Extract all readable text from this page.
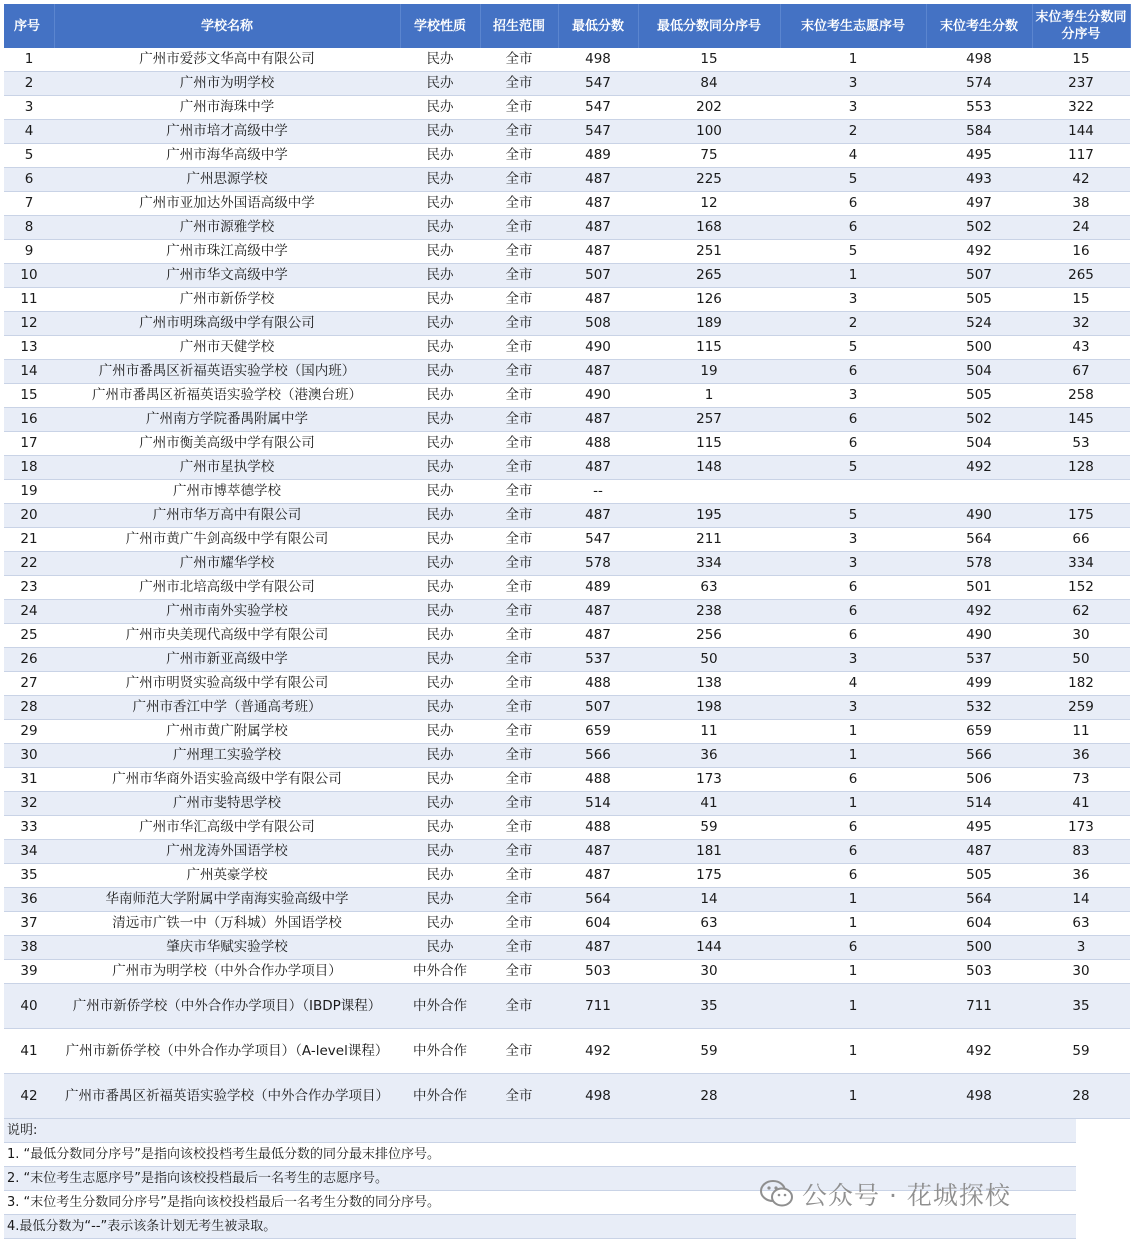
序号	学校名称	学校性质	招生范围	最低分数	最低分数同分序号	末位考生志愿序号	末位考生分数	末位考生分数同分序号
1	广州市爱莎文华高中有限公司	民办	全市	498	15	1	498	15
2	广州市为明学校	民办	全市	547	84	3	574	237
3	广州市海珠中学	民办	全市	547	202	3	553	322
4	广州市培才高级中学	民办	全市	547	100	2	584	144
5	广州市海华高级中学	民办	全市	489	75	4	495	117
6	广州思源学校	民办	全市	487	225	5	493	42
7	广州市亚加达外国语高级中学	民办	全市	487	12	6	497	38
8	广州市源雅学校	民办	全市	487	168	6	502	24
9	广州市珠江高级中学	民办	全市	487	251	5	492	16
10	广州市华文高级中学	民办	全市	507	265	1	507	265
11	广州市新侨学校	民办	全市	487	126	3	505	15
12	广州市明珠高级中学有限公司	民办	全市	508	189	2	524	32
13	广州市天健学校	民办	全市	490	115	5	500	43
14	广州市番禺区祈福英语实验学校（国内班）	民办	全市	487	19	6	504	67
15	广州市番禺区祈福英语实验学校（港澳台班）	民办	全市	490	1	3	505	258
16	广州南方学院番禺附属中学	民办	全市	487	257	6	502	145
17	广州市衡美高级中学有限公司	民办	全市	488	115	6	504	53
18	广州市星执学校	民办	全市	487	148	5	492	128
19	广州市博萃德学校	民办	全市	--				
20	广州市华万高中有限公司	民办	全市	487	195	5	490	175
21	广州市黄广牛剑高级中学有限公司	民办	全市	547	211	3	564	66
22	广州市耀华学校	民办	全市	578	334	3	578	334
23	广州市北培高级中学有限公司	民办	全市	489	63	6	501	152
24	广州市南外实验学校	民办	全市	487	238	6	492	62
25	广州市央美现代高级中学有限公司	民办	全市	487	256	6	490	30
26	广州市新亚高级中学	民办	全市	537	50	3	537	50
27	广州市明贤实验高级中学有限公司	民办	全市	488	138	4	499	182
28	广州市香江中学（普通高考班）	民办	全市	507	198	3	532	259
29	广州市黄广附属学校	民办	全市	659	11	1	659	11
30	广州理工实验学校	民办	全市	566	36	1	566	36
31	广州市华商外语实验高级中学有限公司	民办	全市	488	173	6	506	73
32	广州市斐特思学校	民办	全市	514	41	1	514	41
33	广州市华汇高级中学有限公司	民办	全市	488	59	6	495	173
34	广州龙涛外国语学校	民办	全市	487	181	6	487	83
35	广州英豪学校	民办	全市	487	175	6	505	36
36	华南师范大学附属中学南海实验高级中学	民办	全市	564	14	1	564	14
37	清远市广铁一中（万科城）外国语学校	民办	全市	604	63	1	604	63
38	肇庆市华赋实验学校	民办	全市	487	144	6	500	3
39	广州市为明学校（中外合作办学项目）	中外合作	全市	503	30	1	503	30
40	广州市新侨学校（中外合作办学项目）（IBDP课程）	中外合作	全市	711	35	1	711	35
41	广州市新侨学校（中外合作办学项目）（A-level课程）	中外合作	全市	492	59	1	492	59
42	广州市番禺区祈福英语实验学校（中外合作办学项目）	中外合作	全市	498	28	1	498	28
说明:
1. “最低分数同分序号”是指向该校投档考生最低分数的同分最末排位序号。
2. “末位考生志愿序号”是指向该校投档最后一名考生的志愿序号。
3. “末位考生分数同分序号”是指向该校投档最后一名考生分数的同分序号。
4.最低分数为“--”表示该条计划无考生被录取。
公众号 · 花城探校
